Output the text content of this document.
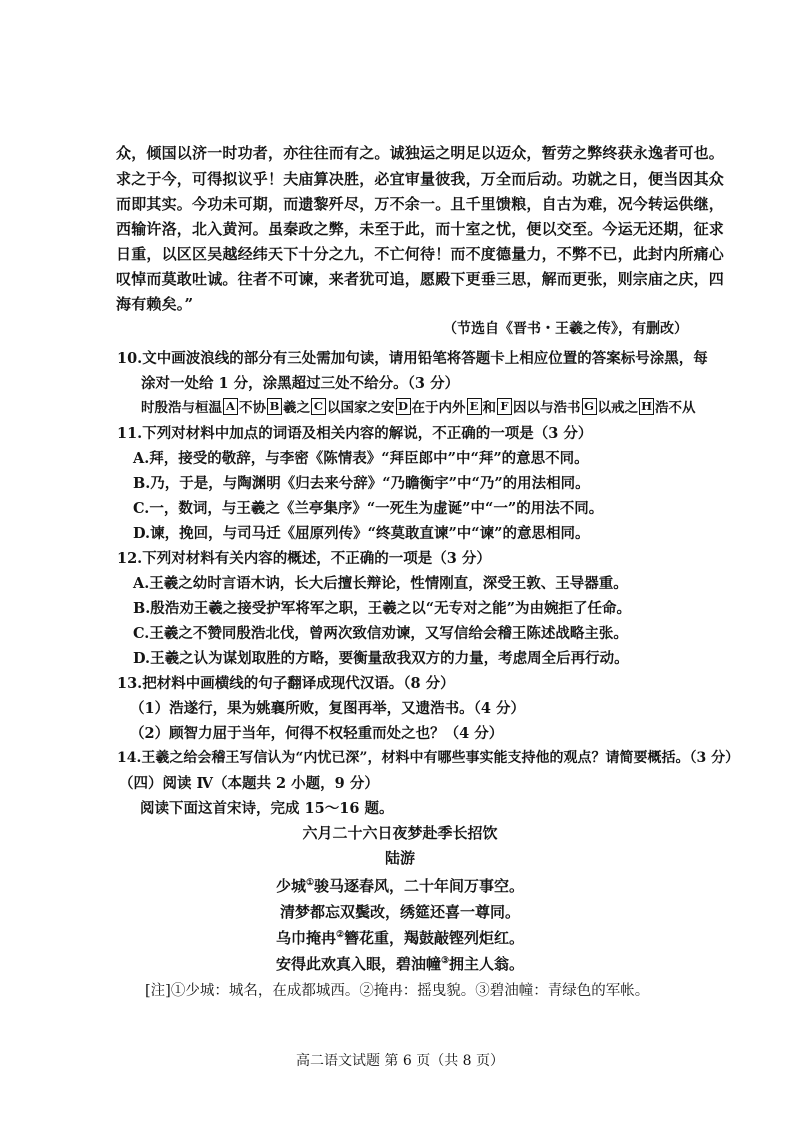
众，倾国以济一时功者，亦往往而有之。诚独运之明足以迈众，暂劳之弊终获永逸者可也。
求之于今，可得拟议乎！夫庙算决胜，必宜审量彼我，万全而后动。功就之日，便当因其众
而即其实。今功未可期，而遗黎歼尽，万不余一。且千里馈粮，自古为难，况今转运供继，
西输许洛，北入黄河。虽秦政之弊，未至于此，而十室之忧，便以交至。今运无还期，征求
日重，以区区吴越经纬天下十分之九，不亡何待！而不度德量力，不弊不已，此封内所痛心
叹悼而莫敢吐诚。往者不可谏，来者犹可追，愿殿下更垂三思，解而更张，则宗庙之庆，四
海有赖矣。”
（节选自《晋书・王羲之传》，有删改）
10.文中画波浪线的部分有三处需加句读，请用铅笔将答题卡上相应位置的答案标号涂黑，每
涂对一处给 1 分，涂黑超过三处不给分。（3 分）
时殷浩与桓温 A 不协 B 羲之 C 以国家之安 D 在于内外 E 和 F 因以与浩书 G 以戒之 H 浩不从
11.下列对材料中加点的词语及相关内容的解说，不正确的一项是（3 分）
A.拜，接受的敬辞，与李密《陈情表》“拜臣郎中”中“拜”的意思不同。
B.乃，于是，与陶渊明《归去来兮辞》“乃瞻衡宇”中“乃”的用法相同。
C.一，数词，与王羲之《兰亭集序》“一死生为虚诞”中“一”的用法不同。
D.谏，挽回，与司马迁《屈原列传》“终莫敢直谏”中“谏”的意思相同。
12.下列对材料有关内容的概述，不正确的一项是（3 分）
A.王羲之幼时言语木讷，长大后擅长辩论，性情刚直，深受王敦、王导器重。
B.殷浩劝王羲之接受护军将军之职，王羲之以“无专对之能”为由婉拒了任命。
C.王羲之不赞同殷浩北伐，曾两次致信劝谏，又写信给会稽王陈述战略主张。
D.王羲之认为谋划取胜的方略，要衡量敌我双方的力量，考虑周全后再行动。
13.把材料中画横线的句子翻译成现代汉语。（8 分）
（1）浩遂行，果为姚襄所败，复图再举，又遗浩书。（4 分）
（2）顾智力屈于当年，何得不权轻重而处之也？（4 分）
14.王羲之给会稽王写信认为“内忧已深”，材料中有哪些事实能支持他的观点？请简要概括。（3 分）
（四）阅读 Ⅳ（本题共 2 小题，9 分）
阅读下面这首宋诗，完成 15～16 题。
六月二十六日夜梦赴季长招饮
陆游
少城①骏马逐春风，二十年间万事空。
清梦都忘双鬓改，绣筵还喜一尊同。
乌巾掩冉②簪花重，羯鼓敲铿列炬红。
安得此欢真入眼，碧油幢③拥主人翁。
[注]①少城：城名，在成都城西。②掩冉：摇曳貌。③碧油幢：青绿色的军帐。
高二语文试题 第 6 页（共 8 页）
